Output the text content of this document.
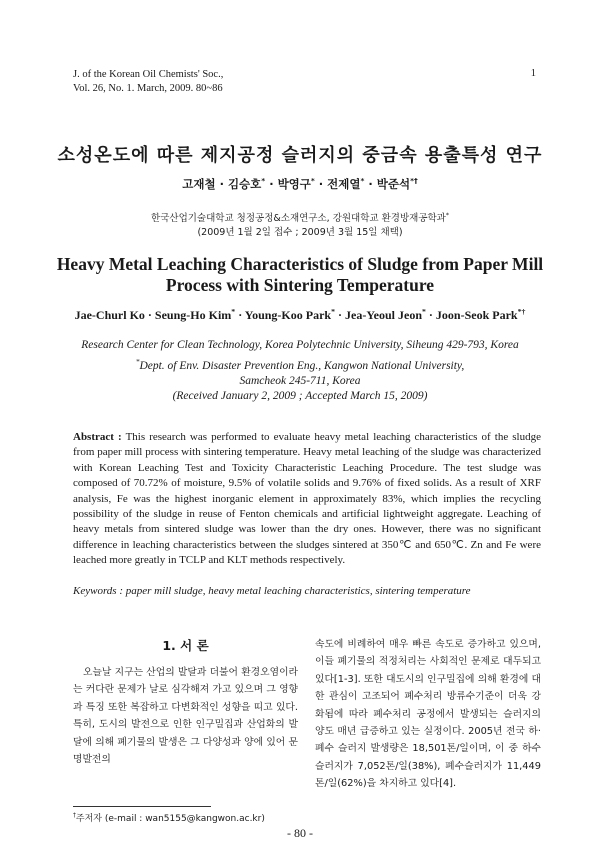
J. of the Korean Oil Chemists' Soc.,
Vol. 26, No. 1. March, 2009. 80~86
1
소성온도에 따른 제지공정 슬러지의 중금속 용출특성 연구
고재철 · 김승호* · 박영구* · 전제열* · 박준석*†
한국산업기술대학교 청정공정&소재연구소, 강원대학교 환경방재공학과*
(2009년 1월 2일 접수 ; 2009년 3월 15일 채택)
Heavy Metal Leaching Characteristics of Sludge from Paper Mill
Process with Sintering Temperature
Jae-Churl Ko · Seung-Ho Kim* · Young-Koo Park* · Jea-Yeoul Jeon* · Joon-Seok Park*†
Research Center for Clean Technology, Korea Polytechnic University, Siheung 429-793, Korea
*Dept. of Env. Disaster Prevention Eng., Kangwon National University,
Samcheok 245-711, Korea
(Received January 2, 2009 ; Accepted March 15, 2009)
Abstract : This research was performed to evaluate heavy metal leaching characteristics of the sludge from paper mill process with sintering temperature. Heavy metal leaching of the sludge was characterized with Korean Leaching Test and Toxicity Characteristic Leaching Procedure. The test sludge was composed of 70.72% of moisture, 9.5% of volatile solids and 9.76% of fixed solids. As a result of XRF analysis, Fe was the highest inorganic element in approximately 83%, which implies the recycling possibility of the sludge in reuse of Fenton chemicals and artificial lightweight aggregate. Leaching of heavy metals from sintered sludge was lower than the dry ones. However, there was no significant difference in leaching characteristics between the sludges sintered at 350℃ and 650℃. Zn and Fe were leached more greatly in TCLP and KLT methods respectively.
Keywords : paper mill sludge, heavy metal leaching characteristics, sintering temperature
1. 서 론
오늘날 지구는 산업의 발달과 더불어 환경오염이라는 커다란 문제가 날로 심각해져 가고 있으며 그 영향과 특징 또한 복잡하고 다변화적인 성향을 띠고 있다. 특히, 도시의 발전으로 인한 인구밀집과 산업화의 발달에 의해 폐기물의 발생은 그 다양성과 양에 있어 문명발전의
속도에 비례하여 매우 빠른 속도로 증가하고 있으며, 이들 폐기물의 적정처리는 사회적인 문제로 대두되고 있다[1-3]. 또한 대도시의 인구밀집에 의해 환경에 대한 관심이 고조되어 폐수처리 방류수기준이 더욱 강화됨에 따라 폐수처리 공정에서 발생되는 슬러지의 양도 매년 급증하고 있는 실정이다. 2005년 전국 하·폐수 슬러지 발생량은 18,501톤/일이며, 이 중 하수슬러지가 7,052톤/일(38%), 폐수슬러지가 11,449톤/일(62%)을 차지하고 있다[4].
†주저자 (e-mail : wan5155@kangwon.ac.kr)
- 80 -
